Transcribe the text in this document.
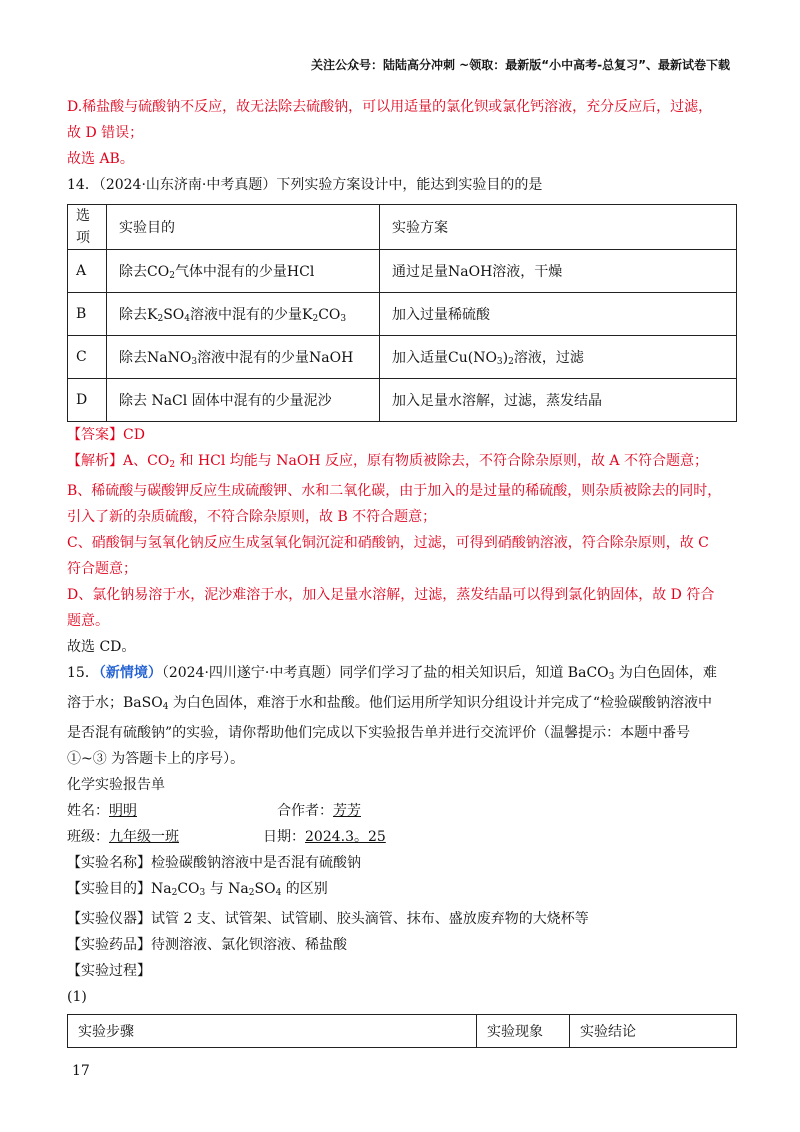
关注公众号：陆陆高分冲刺 ~领取：最新版“小中高考-总复习”、最新试卷下载
D.稀盐酸与硫酸钠不反应，故无法除去硫酸钠，可以用适量的氯化钡或氯化钙溶液，充分反应后，过滤，
故 D 错误；
故选 AB。
14．（2024·山东济南·中考真题）下列实验方案设计中，能达到实验目的的是
选
项	实验目的	实验方案
A	除去$CO_2$气体中混有的少量HCl	通过足量NaOH溶液，干燥
B	除去$K_2SO_4$溶液中混有的少量$K_2CO_3$	加入过量稀硫酸
C	除去NaNO$_3$溶液中混有的少量NaOH	加入适量$Cu(NO_3)_2$溶液，过滤
D	除去 NaCl 固体中混有的少量泥沙	加入足量水溶解，过滤，蒸发结晶
【答案】CD
【解析】A、$CO_2$ 和 HCl 均能与 NaOH 反应，原有物质被除去，不符合除杂原则，故 A 不符合题意；
B、稀硫酸与碳酸钾反应生成硫酸钾、水和二氧化碳，由于加入的是过量的稀硫酸，则杂质被除去的同时，
引入了新的杂质硫酸，不符合除杂原则，故 B 不符合题意；
C、硝酸铜与氢氧化钠反应生成氢氧化铜沉淀和硝酸钠，过滤，可得到硝酸钠溶液，符合除杂原则，故 C
符合题意；
D、氯化钠易溶于水，泥沙难溶于水，加入足量水溶解，过滤，蒸发结晶可以得到氯化钠固体，故 D 符合
题意。
故选 CD。
15．（新情境）（2024·四川遂宁·中考真题）同学们学习了盐的相关知识后，知道 BaCO$_3$ 为白色固体，难
溶于水；BaSO$_4$ 为白色固体，难溶于水和盐酸。他们运用所学知识分组设计并完成了“检验碳酸钠溶液中
是否混有硫酸钠”的实验，请你帮助他们完成以下实验报告单并进行交流评价（温馨提示：本题中番号
①~③ 为答题卡上的序号）。
化学实验报告单
姓名：明明	合作者：芳芳
班级：九年级一班	日期：2024.3。25
【实验名称】检验碳酸钠溶液中是否混有硫酸钠
【实验目的】$Na_2CO_3$ 与 $Na_2SO_4$ 的区别
【实验仪器】试管 2 支、试管架、试管刷、胶头滴管、抹布、盛放废弃物的大烧杯等
【实验药品】待测溶液、氯化钡溶液、稀盐酸
【实验过程】
(1)
实验步骤	实验现象	实验结论
17
